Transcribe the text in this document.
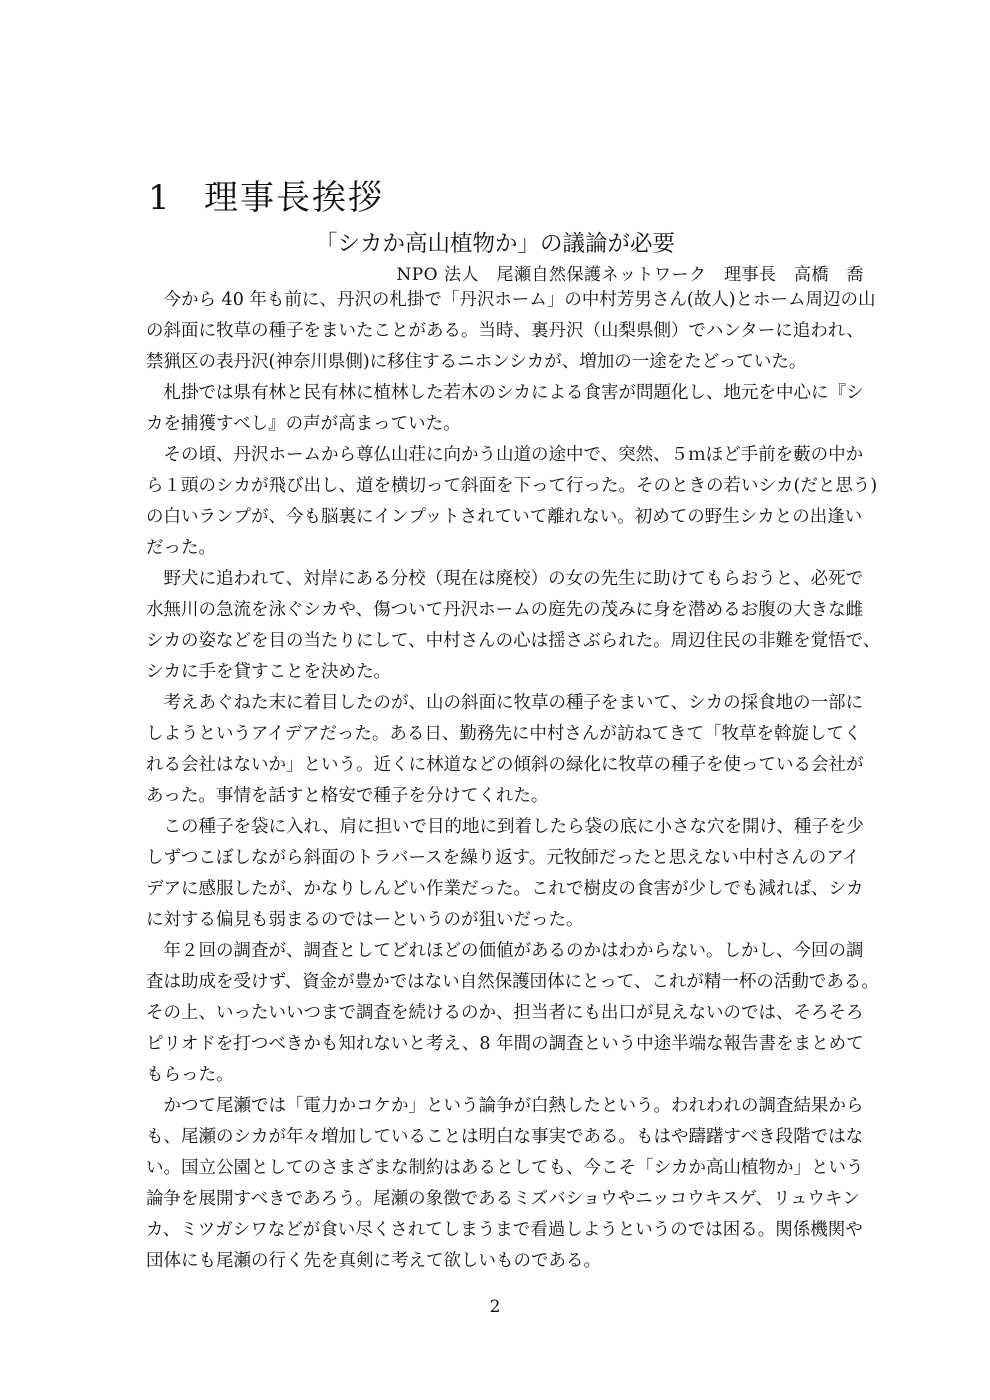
1 理事長挨拶
「シカか高山植物か」の議論が必要
NPO 法人　尾瀬自然保護ネットワーク　理事長　高橋　喬
　今から 40 年も前に、丹沢の札掛で「丹沢ホーム」の中村芳男さん(故人)とホーム周辺の山
の斜面に牧草の種子をまいたことがある。当時、裏丹沢（山梨県側）でハンターに追われ、
禁猟区の表丹沢(神奈川県側)に移住するニホンシカが、増加の一途をたどっていた。
　札掛では県有林と民有林に植林した若木のシカによる食害が問題化し、地元を中心に『シ
カを捕獲すべし』の声が高まっていた。
　その頃、丹沢ホームから尊仏山荘に向かう山道の途中で、突然、５ｍほど手前を藪の中か
ら１頭のシカが飛び出し、道を横切って斜面を下って行った。そのときの若いシカ(だと思う)
の白いランプが、今も脳裏にインプットされていて離れない。初めての野生シカとの出逢い
だった。
　野犬に追われて、対岸にある分校（現在は廃校）の女の先生に助けてもらおうと、必死で
水無川の急流を泳ぐシカや、傷ついて丹沢ホームの庭先の茂みに身を潜めるお腹の大きな雌
シカの姿などを目の当たりにして、中村さんの心は揺さぶられた。周辺住民の非難を覚悟で、
シカに手を貸すことを決めた。
　考えあぐねた末に着目したのが、山の斜面に牧草の種子をまいて、シカの採食地の一部に
しようというアイデアだった。ある日、勤務先に中村さんが訪ねてきて「牧草を斡旋してく
れる会社はないか」という。近くに林道などの傾斜の緑化に牧草の種子を使っている会社が
あった。事情を話すと格安で種子を分けてくれた。
　この種子を袋に入れ、肩に担いで目的地に到着したら袋の底に小さな穴を開け、種子を少
しずつこぼしながら斜面のトラバースを繰り返す。元牧師だったと思えない中村さんのアイ
デアに感服したが、かなりしんどい作業だった。これで樹皮の食害が少しでも減れば、シカ
に対する偏見も弱まるのではーというのが狙いだった。
　年２回の調査が、調査としてどれほどの価値があるのかはわからない。しかし、今回の調
査は助成を受けず、資金が豊かではない自然保護団体にとって、これが精一杯の活動である。
その上、いったいいつまで調査を続けるのか、担当者にも出口が見えないのでは、そろそろ
ピリオドを打つべきかも知れないと考え、8 年間の調査という中途半端な報告書をまとめて
もらった。
　かつて尾瀬では「電力かコケか」という論争が白熱したという。われわれの調査結果から
も、尾瀬のシカが年々増加していることは明白な事実である。もはや躊躇すべき段階ではな
い。国立公園としてのさまざまな制約はあるとしても、今こそ「シカか高山植物か」という
論争を展開すべきであろう。尾瀬の象徴であるミズバショウやニッコウキスゲ、リュウキン
カ、ミツガシワなどが食い尽くされてしまうまで看過しようというのでは困る。関係機関や
団体にも尾瀬の行く先を真剣に考えて欲しいものである。
2
